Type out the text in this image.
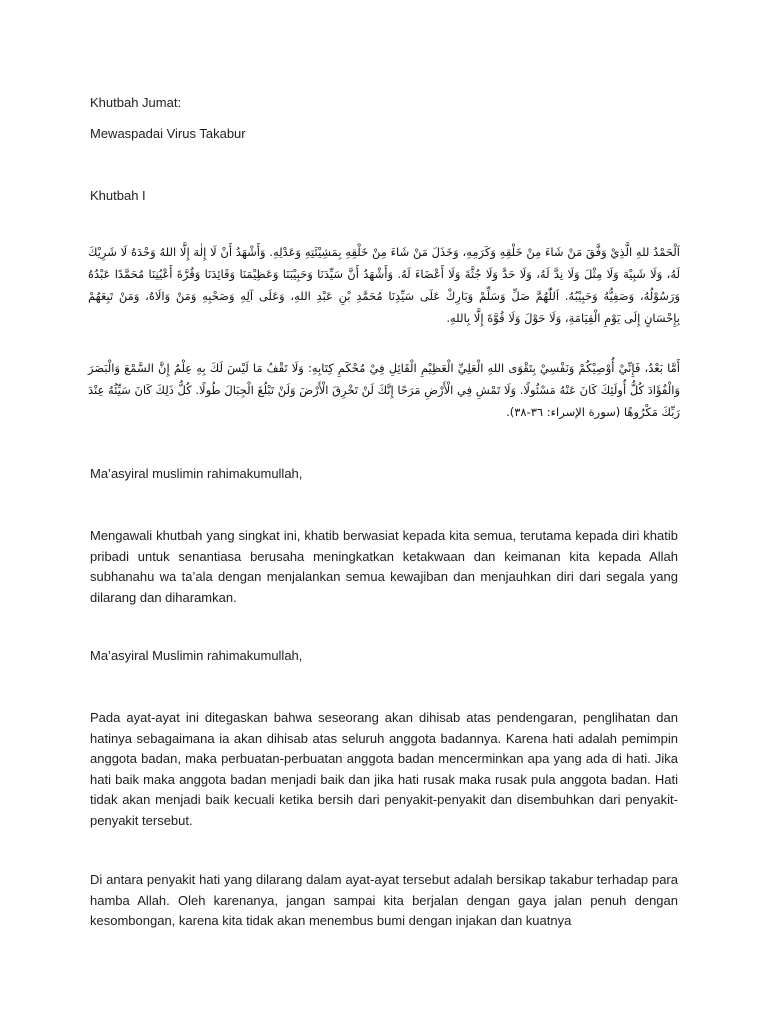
Khutbah Jumat:
Mewaspadai Virus Takabur
Khutbah I
اَلْحَمْدُ للهِ الَّذِيْ وَفَّقَ مَنْ شَاءَ مِنْ خَلْقِهِ وَكَرَمِهِ، وَخَذَلَ مَنْ شَاءَ مِنْ خَلْقِهِ بِمَشِيْئَتِهِ وَعَدْلِهِ. وَأَشْهَدُ أَنْ لَا إِلٰهَ إِلَّا اللهُ وَحْدَهُ لَا شَرِيْكَ لَهُ، وَلَا شَبِيْهَ وَلَا مِثْلَ وَلَا نِدَّ لَهُ، وَلَا حَدَّ وَلَا جُثَّةَ وَلَا أَعْضَاءَ لَهُ. وَأَشْهَدُ أَنَّ سَيِّدَنَا وَحَبِيْبَنَا وَعَظِيْمَنَا وَقَائِدَنَا وَقُرَّةَ أَعْيُنِنَا مُحَمَّدًا عَبْدُهُ وَرَسُوْلُهُ، وَصَفِيُّهُ وَحَبِيْبُهُ. اَللّٰهُمَّ صَلِّ وَسَلِّمْ وَبَارِكْ عَلَى سَيِّدِنَا مُحَمَّدِ بْنِ عَبْدِ اللهِ، وَعَلَى آلِهِ وَصَحْبِهِ وَمَنْ وَالَاهُ، وَمَنْ تَبِعَهُمْ بِإِحْسَانٍ إِلَى يَوْمِ الْقِيَامَةِ، وَلَا حَوْلَ وَلَا قُوَّةَ إِلَّا بِاللهِ.
أَمَّا بَعْدُ، فَإِنِّيْ أُوْصِيْكُمْ وَنَفْسِيْ بِتَقْوَى اللهِ الْعَلِيِّ الْعَظِيْمِ الْقَائِلِ فِيْ مُحْكَمِ كِتَابِهِ: وَلَا تَقْفُ مَا لَيْسَ لَكَ بِهِ عِلْمٌ إِنَّ السَّمْعَ وَالْبَصَرَ وَالْفُؤَادَ كُلُّ أُولَئِكَ كَانَ عَنْهُ مَسْئُولًا. وَلَا تَمْشِ فِي الْأَرْضِ مَرَحًا إِنَّكَ لَنْ تَخْرِقَ الْأَرْضَ وَلَنْ تَبْلُغَ الْجِبَالَ طُولًا. كُلُّ ذَلِكَ كَانَ سَيِّئُهُ عِنْدَ رَبِّكَ مَكْرُوهًا (سورة الإسراء: ٣٦-٣٨).
Ma’asyiral muslimin rahimakumullah,
Mengawali khutbah yang singkat ini, khatib berwasiat kepada kita semua, terutama kepada diri khatib pribadi untuk senantiasa berusaha meningkatkan ketakwaan dan keimanan kita kepada Allah subhanahu wa ta’ala dengan menjalankan semua kewajiban dan menjauhkan diri dari segala yang dilarang dan diharamkan.
Ma’asyiral Muslimin rahimakumullah,
Pada ayat-ayat ini ditegaskan bahwa seseorang akan dihisab atas pendengaran, penglihatan dan hatinya sebagaimana ia akan dihisab atas seluruh anggota badannya. Karena hati adalah pemimpin anggota badan, maka perbuatan-perbuatan anggota badan mencerminkan apa yang ada di hati. Jika hati baik maka anggota badan menjadi baik dan jika hati rusak maka rusak pula anggota badan. Hati tidak akan menjadi baik kecuali ketika bersih dari penyakit-penyakit dan disembuhkan dari penyakit-penyakit tersebut.
Di antara penyakit hati yang dilarang dalam ayat-ayat tersebut adalah bersikap takabur terhadap para hamba Allah. Oleh karenanya, jangan sampai kita berjalan dengan gaya jalan penuh dengan kesombongan, karena kita tidak akan menembus bumi dengan injakan dan kuatnya
